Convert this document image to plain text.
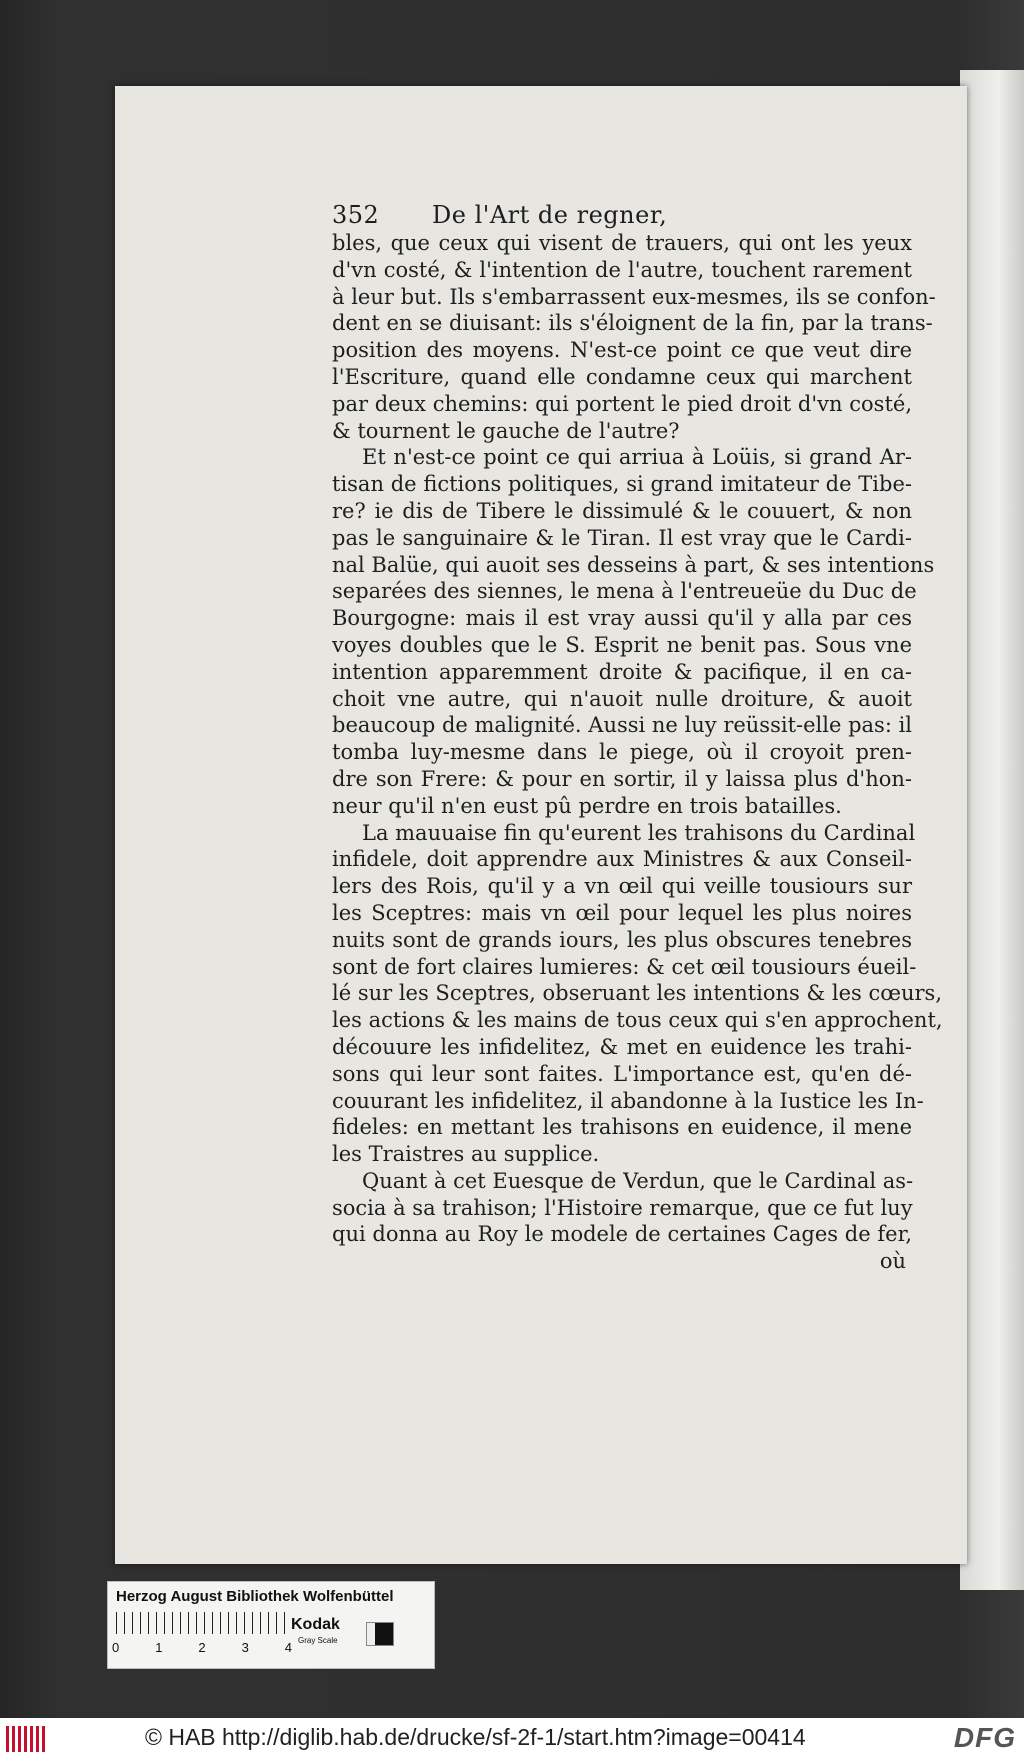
352 De l'Art de regner,
bles, que ceux qui visent de trauers, qui ont les yeux
d'vn costé, & l'intention de l'autre, touchent rarement
à leur but. Ils s'embarrassent eux-mesmes, ils se confon-
dent en se diuisant: ils s'éloignent de la fin, par la trans-
position des moyens. N'est-ce point ce que veut dire
l'Escriture, quand elle condamne ceux qui marchent
par deux chemins: qui portent le pied droit d'vn costé,
& tournent le gauche de l'autre?
Et n'est-ce point ce qui arriua à Loüis, si grand Ar-
tisan de fictions politiques, si grand imitateur de Tibe-
re? ie dis de Tibere le dissimulé & le couuert, & non
pas le sanguinaire & le Tiran. Il est vray que le Cardi-
nal Balüe, qui auoit ses desseins à part, & ses intentions
separées des siennes, le mena à l'entreueüe du Duc de
Bourgogne: mais il est vray aussi qu'il y alla par ces
voyes doubles que le S. Esprit ne benit pas. Sous vne
intention apparemment droite & pacifique, il en ca-
choit vne autre, qui n'auoit nulle droiture, & auoit
beaucoup de malignité. Aussi ne luy reüssit-elle pas: il
tomba luy-mesme dans le piege, où il croyoit pren-
dre son Frere: & pour en sortir, il y laissa plus d'hon-
neur qu'il n'en eust pû perdre en trois batailles.
La mauuaise fin qu'eurent les trahisons du Cardinal
infidele, doit apprendre aux Ministres & aux Conseil-
lers des Rois, qu'il y a vn œil qui veille tousiours sur
les Sceptres: mais vn œil pour lequel les plus noires
nuits sont de grands iours, les plus obscures tenebres
sont de fort claires lumieres: & cet œil tousiours éueil-
lé sur les Sceptres, obseruant les intentions & les cœurs,
les actions & les mains de tous ceux qui s'en approchent,
découure les infidelitez, & met en euidence les trahi-
sons qui leur sont faites. L'importance est, qu'en dé-
couurant les infidelitez, il abandonne à la Iustice les In-
fideles: en mettant les trahisons en euidence, il mene
les Traistres au supplice.
Quant à cet Euesque de Verdun, que le Cardinal as-
socia à sa trahison; l'Histoire remarque, que ce fut luy
qui donna au Roy le modele de certaines Cages de fer,
où
Herzog August Bibliothek Wolfenbüttel
0	1	2	3	4
Kodak
Gray Scale
© HAB http://diglib.hab.de/drucke/sf-2f-1/start.htm?image=00414	DFG
